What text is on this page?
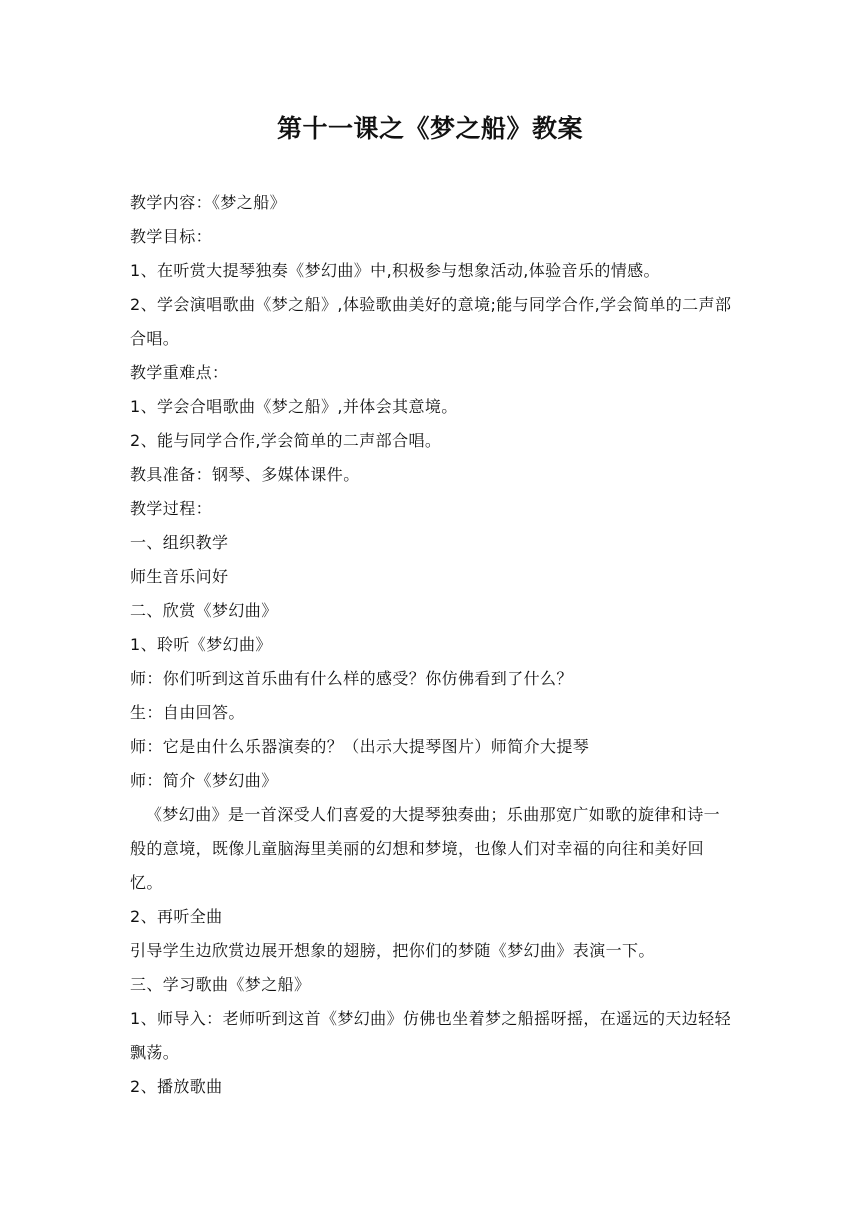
第十一课之《梦之船》教案

教学内容：《梦之船》

教学目标：

1、在听赏大提琴独奏《梦幻曲》中,积极参与想象活动,体验音乐的情感。

2、学会演唱歌曲《梦之船》,体验歌曲美好的意境;能与同学合作,学会简单的二声部合唱。

教学重难点：

1、学会合唱歌曲《梦之船》,并体会其意境。

2、能与同学合作,学会简单的二声部合唱。

教具准备：钢琴、多媒体课件。

教学过程：

一、组织教学

师生音乐问好

二、欣赏《梦幻曲》

1、聆听《梦幻曲》

师：你们听到这首乐曲有什么样的感受？你仿佛看到了什么？

生：自由回答。

师：它是由什么乐器演奏的？（出示大提琴图片）师简介大提琴

师：简介《梦幻曲》

《梦幻曲》是一首深受人们喜爱的大提琴独奏曲；乐曲那宽广如歌的旋律和诗一般的意境，既像儿童脑海里美丽的幻想和梦境，也像人们对幸福的向往和美好回忆。

2、再听全曲

引导学生边欣赏边展开想象的翅膀，把你们的梦随《梦幻曲》表演一下。

三、学习歌曲《梦之船》

1、师导入：老师听到这首《梦幻曲》仿佛也坐着梦之船摇呀摇，在遥远的天边轻轻飘荡。

2、播放歌曲
